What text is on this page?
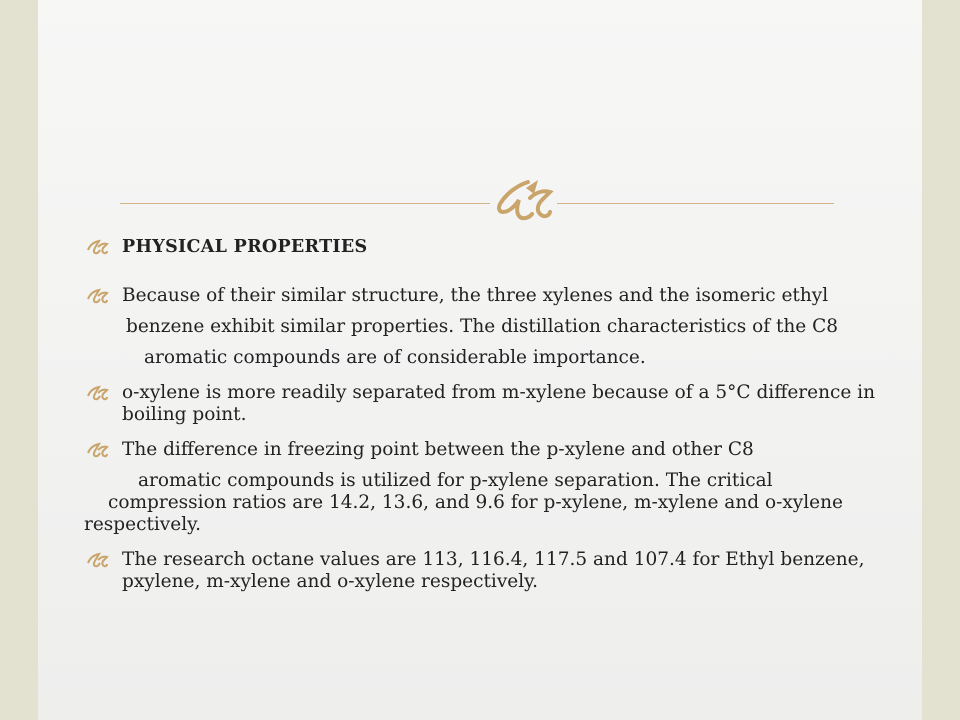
PHYSICAL PROPERTIES
Because of their similar structure, the three xylenes and the isomeric ethyl
benzene exhibit similar properties. The distillation characteristics of the C8
aromatic compounds are of considerable importance.
o-xylene is more readily separated from m-xylene because of a 5°C difference in boiling point.
The difference in freezing point between the p-xylene and other C8
aromatic compounds is utilized for p-xylene separation. The critical compression ratios are 14.2, 13.6, and 9.6 for p-xylene, m-xylene and o-xylene respectively.
The research octane values are 113, 116.4, 117.5 and 107.4 for Ethyl benzene, pxylene, m-xylene and o-xylene respectively.
